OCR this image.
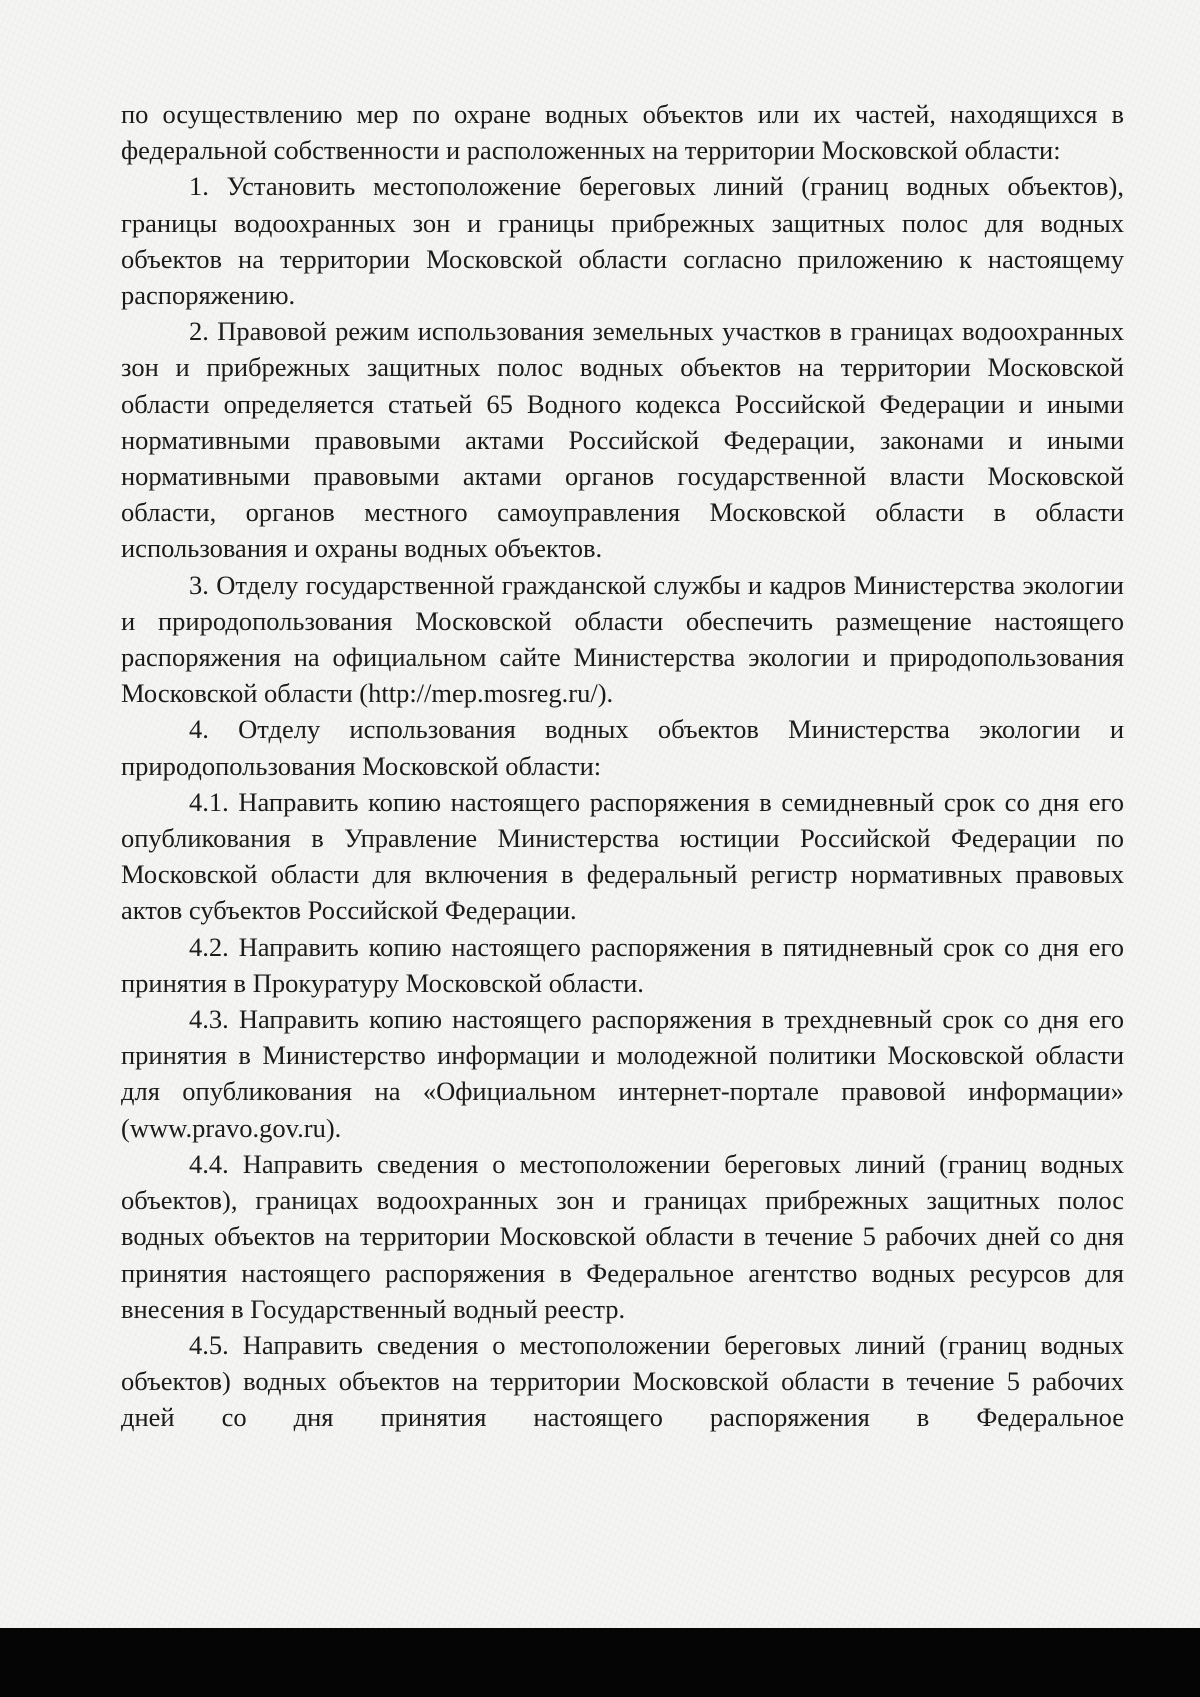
по осуществлению мер по охране водных объектов или их частей, находящихся в федеральной собственности и расположенных на территории Московской области:

1. Установить местоположение береговых линий (границ водных объектов), границы водоохранных зон и границы прибрежных защитных полос для водных объектов на территории Московской области согласно приложению к настоящему распоряжению.

2. Правовой режим использования земельных участков в границах водоохранных зон и прибрежных защитных полос водных объектов на территории Московской области определяется статьей 65 Водного кодекса Российской Федерации и иными нормативными правовыми актами Российской Федерации, законами и иными нормативными правовыми актами органов государственной власти Московской области, органов местного самоуправления Московской области в области использования и охраны водных объектов.

3. Отделу государственной гражданской службы и кадров Министерства экологии и природопользования Московской области обеспечить размещение настоящего распоряжения на официальном сайте Министерства экологии и природопользования Московской области (http://mep.mosreg.ru/).

4. Отделу использования водных объектов Министерства экологии и природопользования Московской области:

4.1. Направить копию настоящего распоряжения в семидневный срок со дня его опубликования в Управление Министерства юстиции Российской Федерации по Московской области для включения в федеральный регистр нормативных правовых актов субъектов Российской Федерации.

4.2. Направить копию настоящего распоряжения в пятидневный срок со дня его принятия в Прокуратуру Московской области.

4.3. Направить копию настоящего распоряжения в трехдневный срок со дня его принятия в Министерство информации и молодежной политики Московской области для опубликования на «Официальном интернет-портале правовой информации» (www.pravo.gov.ru).

4.4. Направить сведения о местоположении береговых линий (границ водных объектов), границах водоохранных зон и границах прибрежных защитных полос водных объектов на территории Московской области в течение 5 рабочих дней со дня принятия настоящего распоряжения в Федеральное агентство водных ресурсов для внесения в Государственный водный реестр.

4.5. Направить сведения о местоположении береговых линий (границ водных объектов) водных объектов на территории Московской области в течение 5 рабочих дней со дня принятия настоящего распоряжения в Федеральное
